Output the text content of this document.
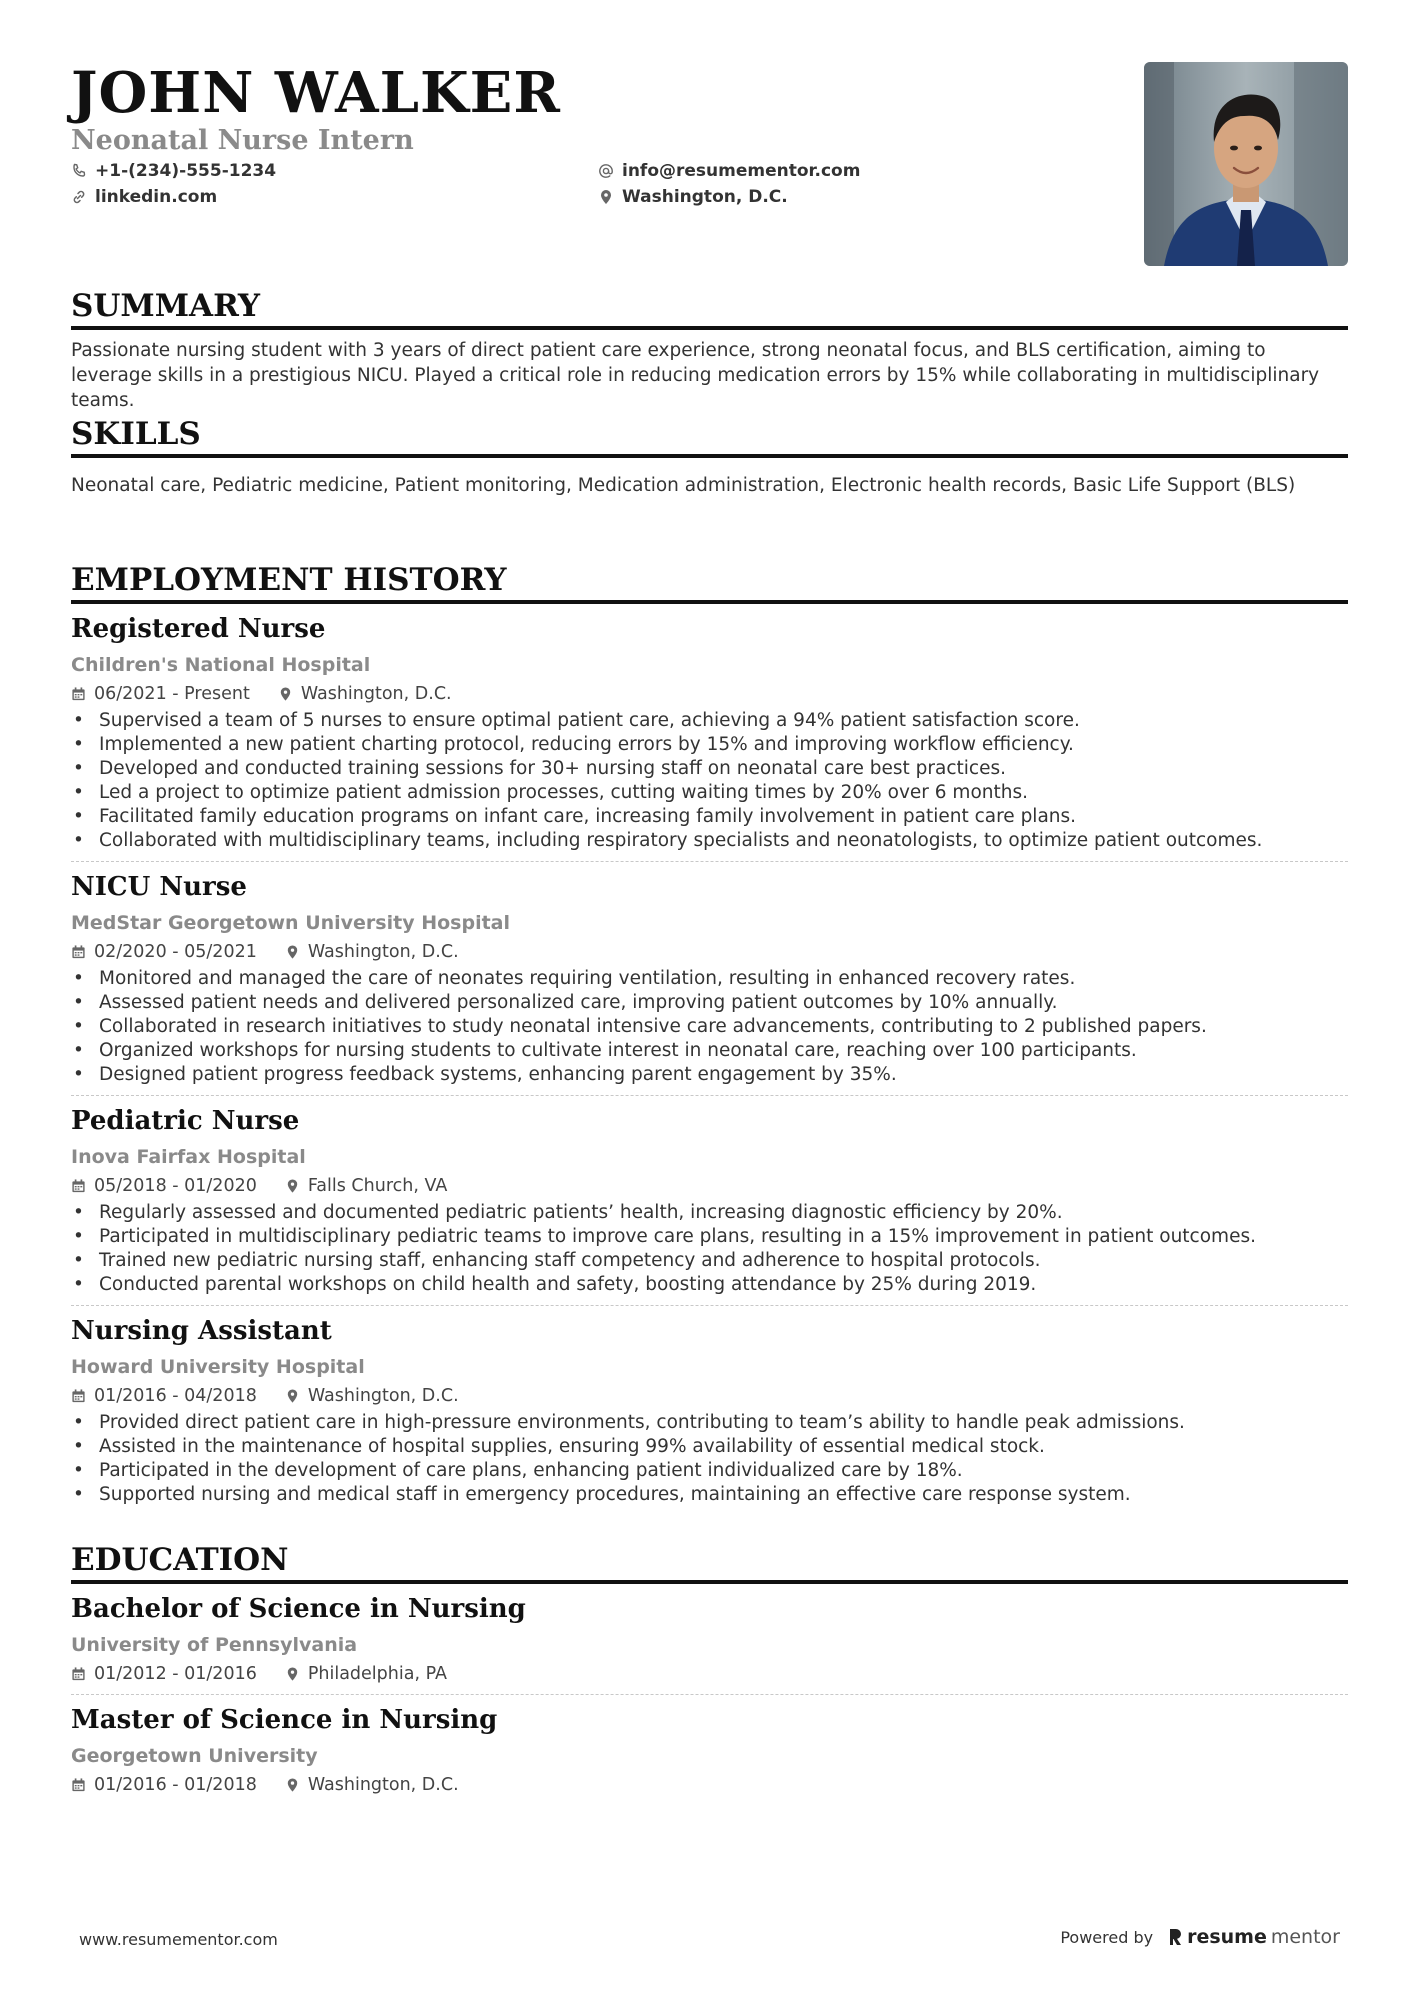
JOHN WALKER
Neonatal Nurse Intern
+1-(234)-555-1234
linkedin.com
info@resumementor.com
Washington, D.C.
SUMMARY

Passionate nursing student with 3 years of direct patient care experience, strong neonatal focus, and BLS certification, aiming to leverage skills in a prestigious NICU. Played a critical role in reducing medication errors by 15% while collaborating in multidisciplinary teams.

SKILLS

Neonatal care, Pediatric medicine, Patient monitoring, Medication administration, Electronic health records, Basic Life Support (BLS)

EMPLOYMENT HISTORY
Registered Nurse
Children's National Hospital
06/2021 - Present	Washington, D.C.
• Supervised a team of 5 nurses to ensure optimal patient care, achieving a 94% patient satisfaction score.
• Implemented a new patient charting protocol, reducing errors by 15% and improving workflow efficiency.
• Developed and conducted training sessions for 30+ nursing staff on neonatal care best practices.
• Led a project to optimize patient admission processes, cutting waiting times by 20% over 6 months.
• Facilitated family education programs on infant care, increasing family involvement in patient care plans.
• Collaborated with multidisciplinary teams, including respiratory specialists and neonatologists, to optimize patient outcomes.
NICU Nurse
MedStar Georgetown University Hospital
02/2020 - 05/2021	Washington, D.C.
• Monitored and managed the care of neonates requiring ventilation, resulting in enhanced recovery rates.
• Assessed patient needs and delivered personalized care, improving patient outcomes by 10% annually.
• Collaborated in research initiatives to study neonatal intensive care advancements, contributing to 2 published papers.
• Organized workshops for nursing students to cultivate interest in neonatal care, reaching over 100 participants.
• Designed patient progress feedback systems, enhancing parent engagement by 35%.
Pediatric Nurse
Inova Fairfax Hospital
05/2018 - 01/2020	Falls Church, VA
• Regularly assessed and documented pediatric patients’ health, increasing diagnostic efficiency by 20%.
• Participated in multidisciplinary pediatric teams to improve care plans, resulting in a 15% improvement in patient outcomes.
• Trained new pediatric nursing staff, enhancing staff competency and adherence to hospital protocols.
• Conducted parental workshops on child health and safety, boosting attendance by 25% during 2019.
Nursing Assistant
Howard University Hospital
01/2016 - 04/2018	Washington, D.C.
• Provided direct patient care in high-pressure environments, contributing to team’s ability to handle peak admissions.
• Assisted in the maintenance of hospital supplies, ensuring 99% availability of essential medical stock.
• Participated in the development of care plans, enhancing patient individualized care by 18%.
• Supported nursing and medical staff in emergency procedures, maintaining an effective care response system.
EDUCATION
Bachelor of Science in Nursing
University of Pennsylvania
01/2012 - 01/2016	Philadelphia, PA
Master of Science in Nursing
Georgetown University
01/2016 - 01/2018	Washington, D.C.
www.resumementor.com	Powered by resume mentor
